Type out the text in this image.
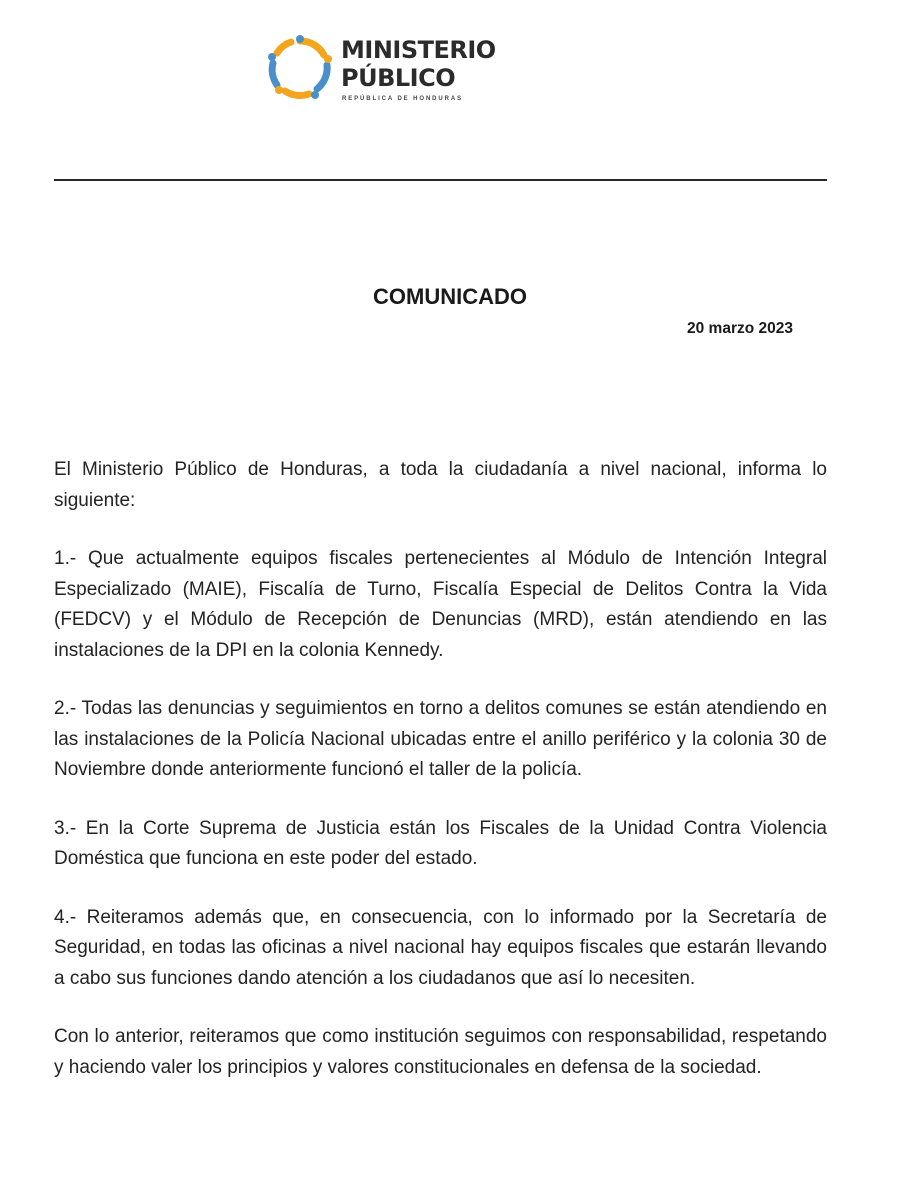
MINISTERIO
PÚBLICO
REPÚBLICA DE HONDURAS
COMUNICADO
20 marzo 2023

El Ministerio Público de Honduras, a toda la ciudadanía a nivel nacional, informa lo siguiente:

1.- Que actualmente equipos fiscales pertenecientes al Módulo de Intención Integral Especializado (MAIE), Fiscalía de Turno, Fiscalía Especial de Delitos Contra la Vida (FEDCV) y el Módulo de Recepción de Denuncias (MRD), están atendiendo en las instalaciones de la DPI en la colonia Kennedy.

2.- Todas las denuncias y seguimientos en torno a delitos comunes se están atendiendo en las instalaciones de la Policía Nacional ubicadas entre el anillo periférico y la colonia 30 de Noviembre donde anteriormente funcionó el taller de la policía.

3.- En la Corte Suprema de Justicia están los Fiscales de la Unidad Contra Violencia Doméstica que funciona en este poder del estado.

4.- Reiteramos además que, en consecuencia, con lo informado por la Secretaría de Seguridad, en todas las oficinas a nivel nacional hay equipos fiscales que estarán llevando a cabo sus funciones dando atención a los ciudadanos que así lo necesiten.

Con lo anterior, reiteramos que como institución seguimos con responsabilidad, respetando y haciendo valer los principios y valores constitucionales en defensa de la sociedad.
